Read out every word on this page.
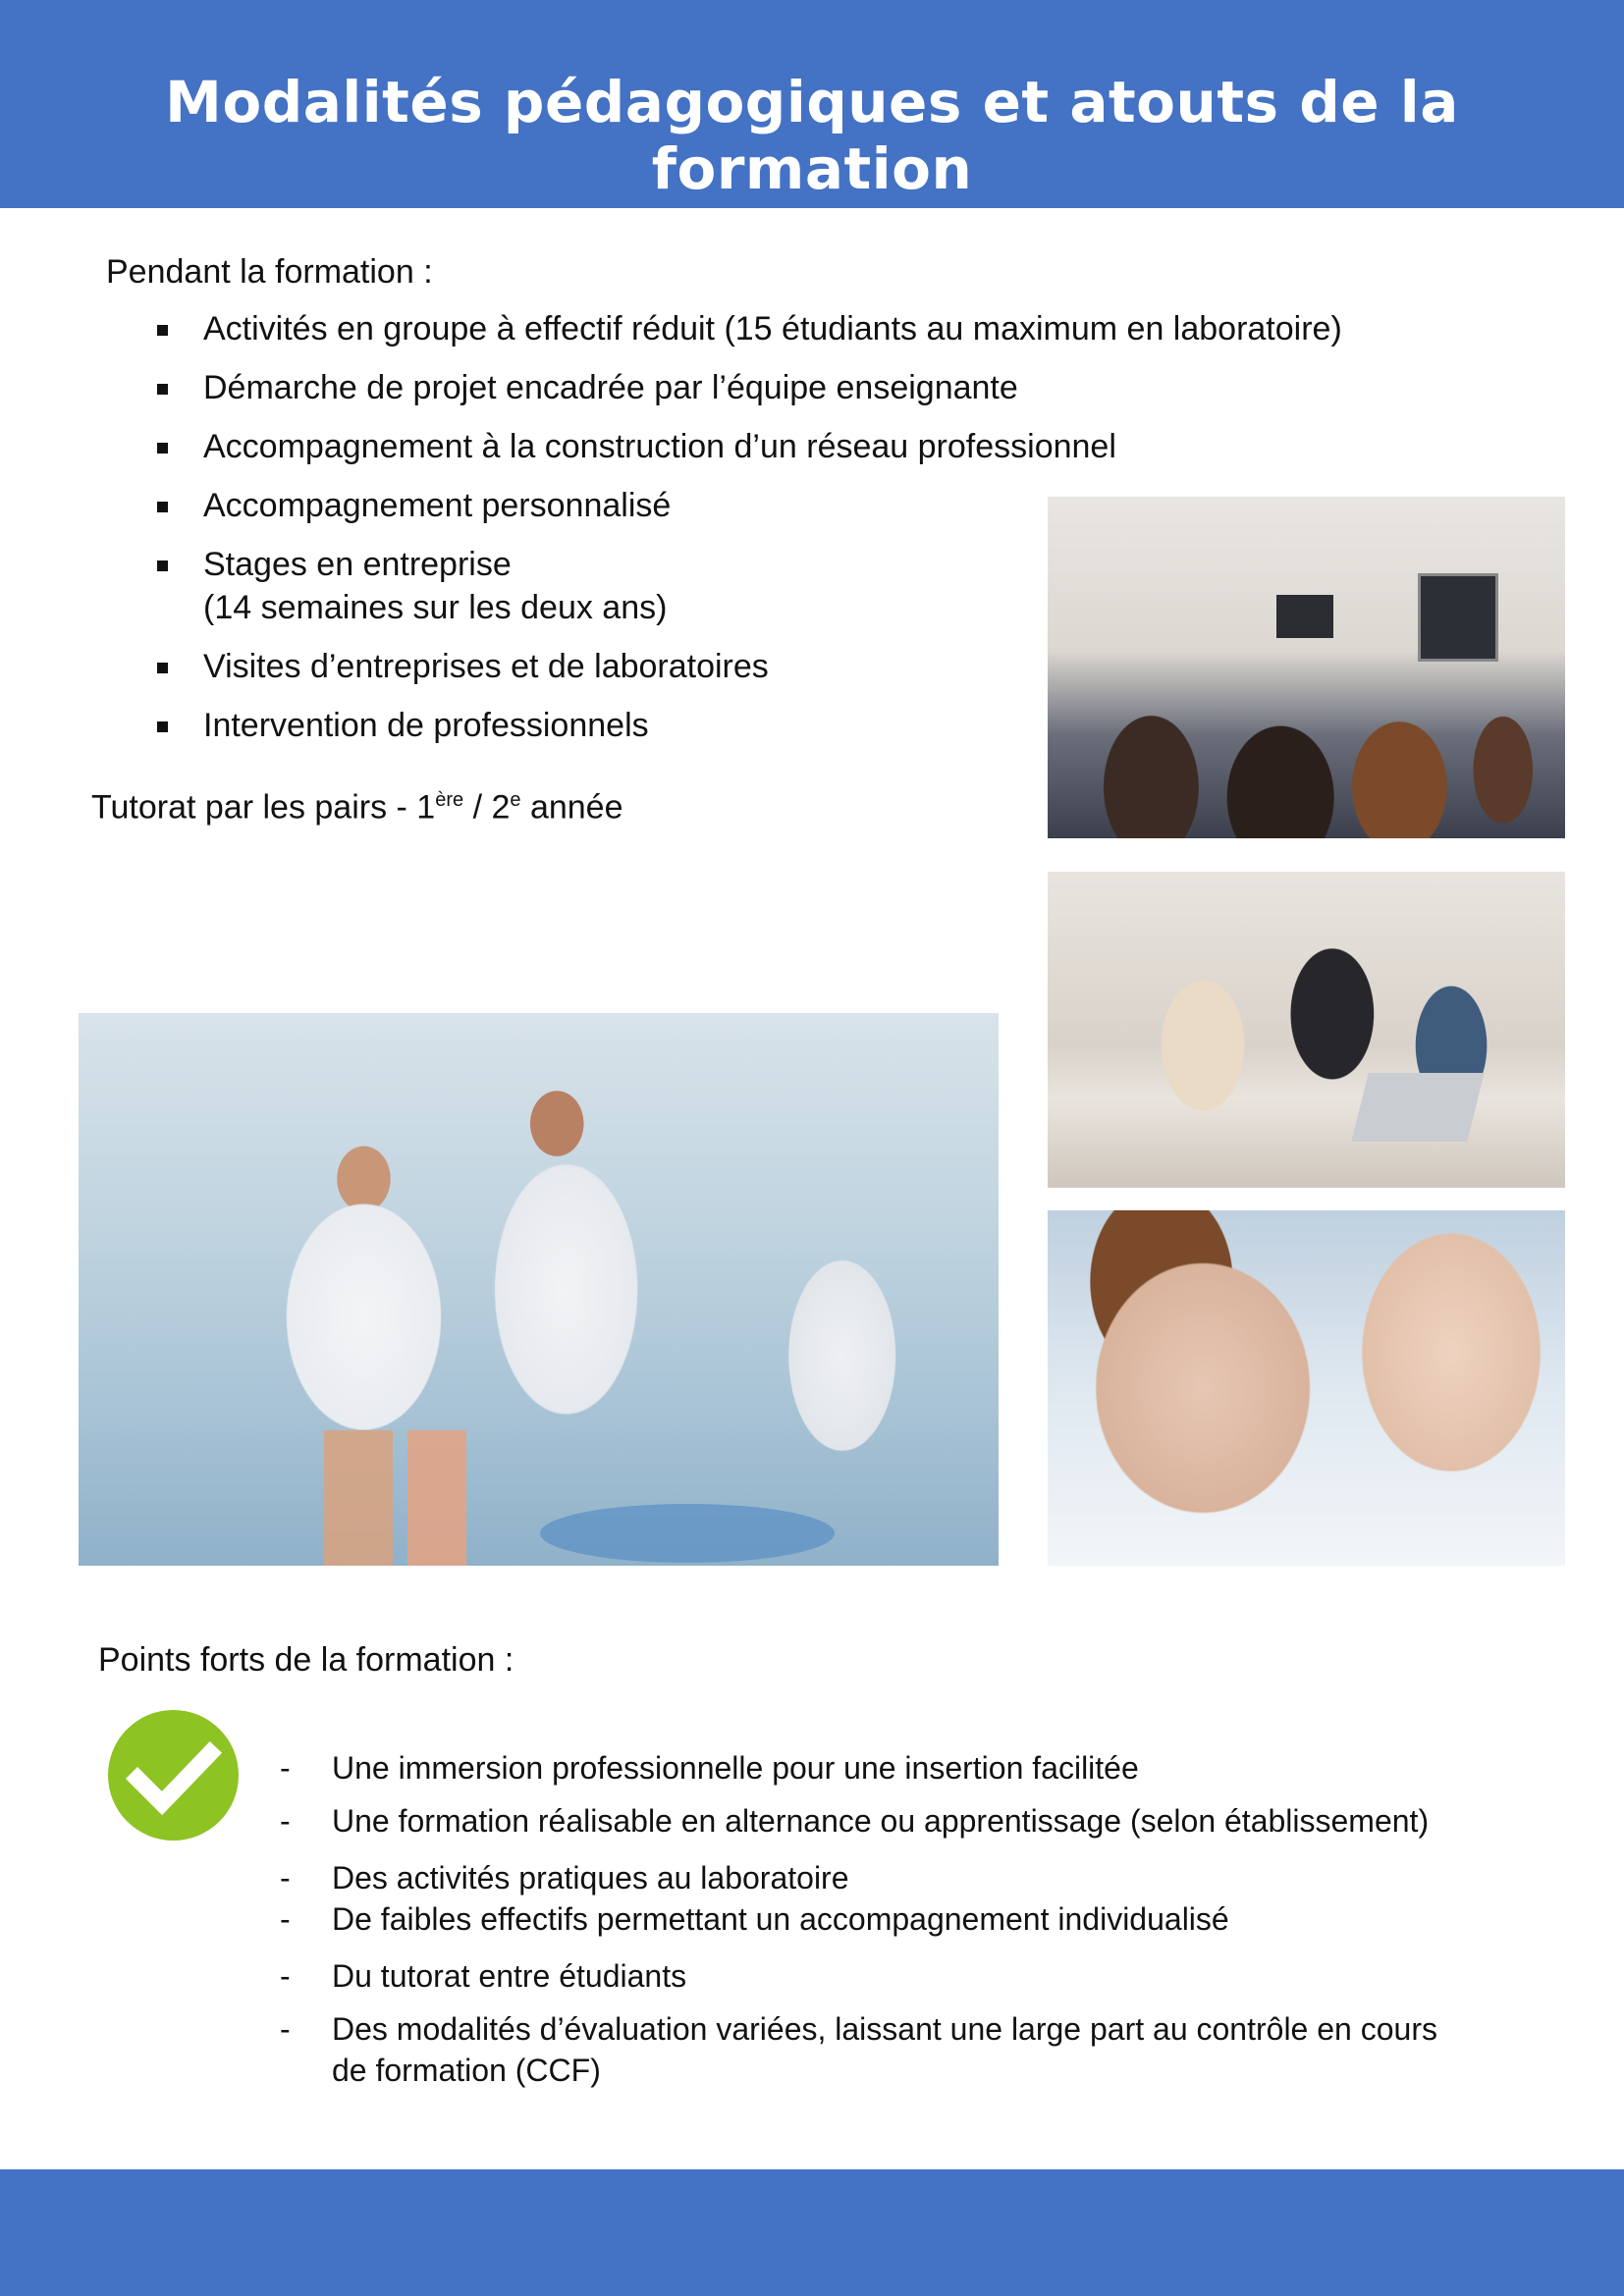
Modalités pédagogiques et atouts de la formation
Pendant la formation :
Activités en groupe à effectif réduit (15 étudiants au maximum en laboratoire)
Démarche de projet encadrée par l’équipe enseignante
Accompagnement à la construction d’un réseau professionnel
Accompagnement personnalisé
Stages en entreprise
(14 semaines sur les deux ans)
Visites d’entreprises et de laboratoires
Intervention de professionnels
Tutorat par les pairs - 1ère / 2e année
Points forts de la formation :
- Une immersion professionnelle pour une insertion facilitée
- Une formation réalisable en alternance ou apprentissage (selon établissement)
- Des activités pratiques au laboratoire
- De faibles effectifs permettant un accompagnement individualisé
- Du tutorat entre étudiants
- Des modalités d’évaluation variées, laissant une large part au contrôle en cours
de formation (CCF)
